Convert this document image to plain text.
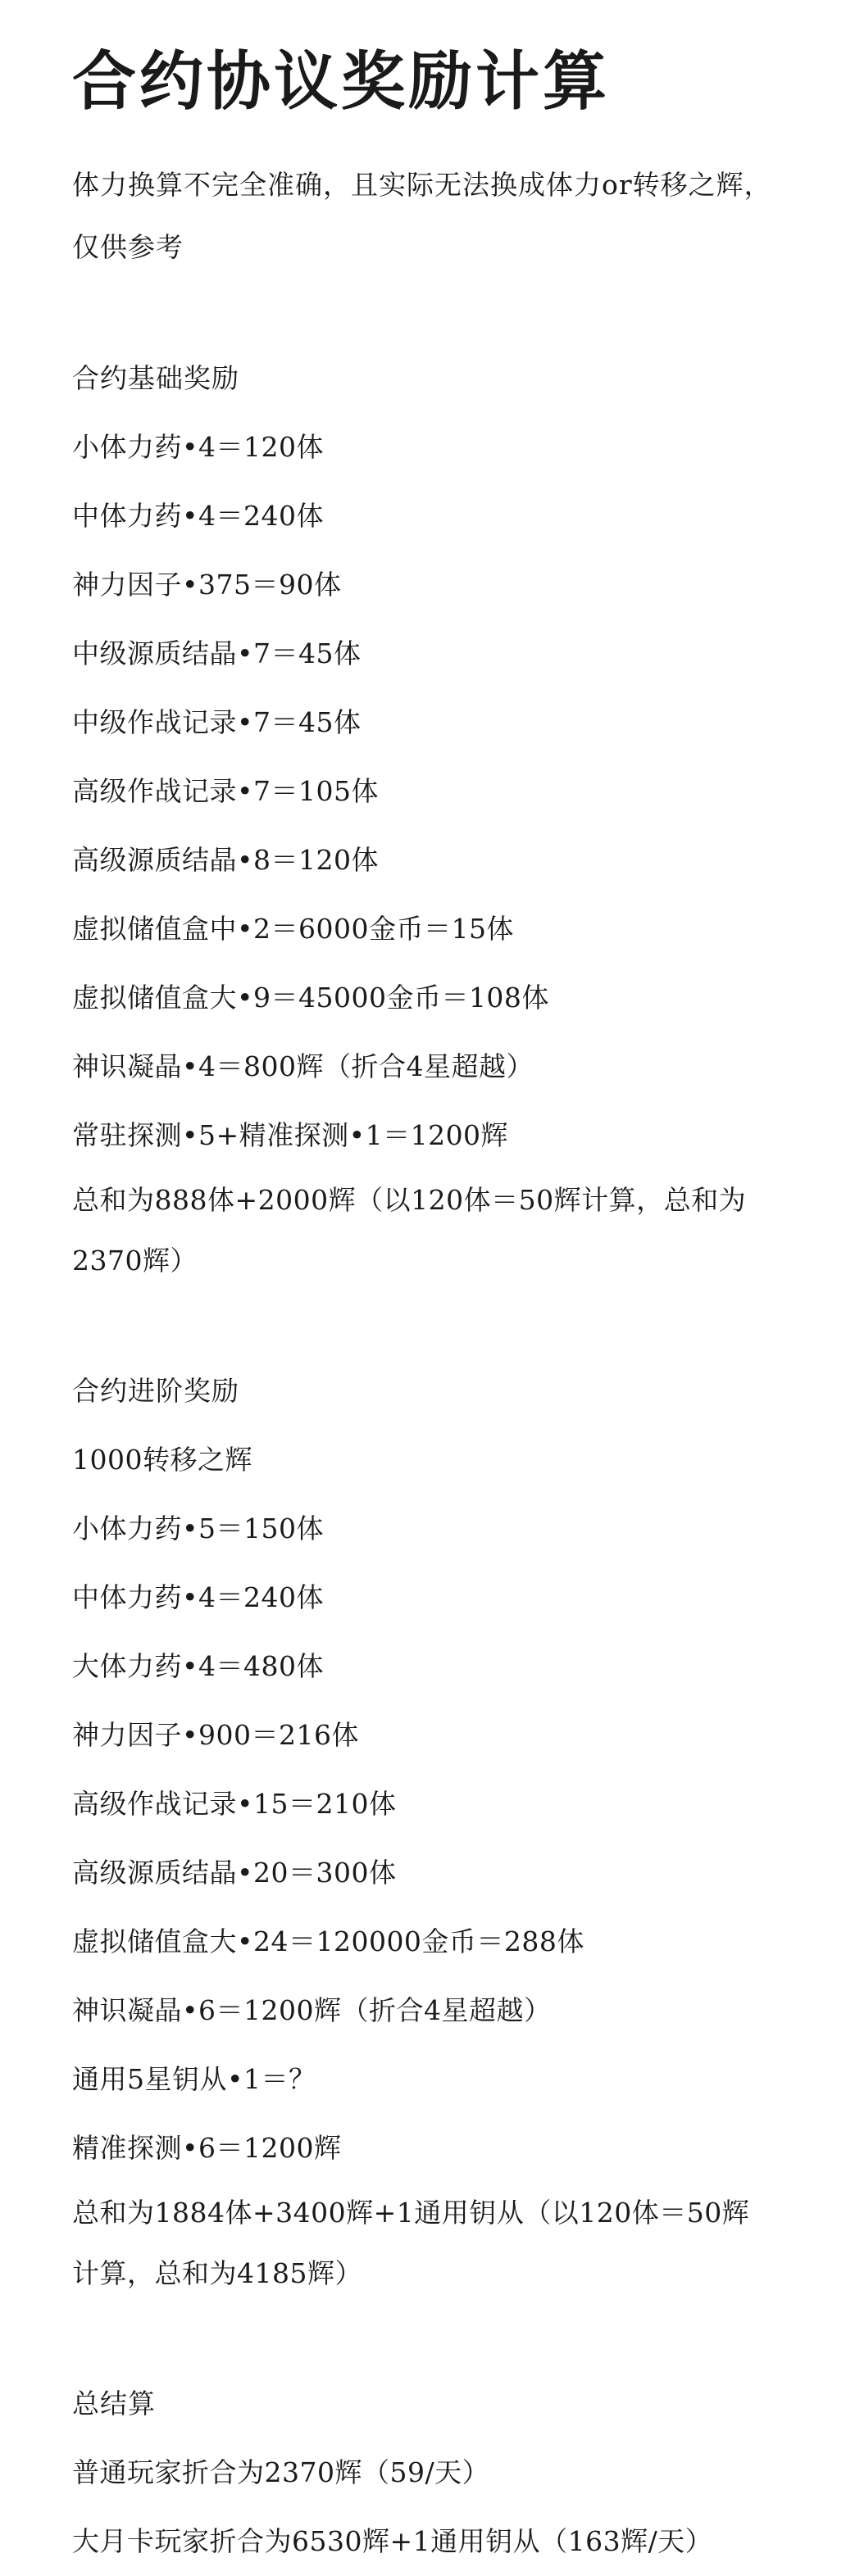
合约协议奖励计算

体力换算不完全准确，且实际无法换成体力or转移之辉，仅供参考

合约基础奖励

小体力药•4＝120体

中体力药•4＝240体

神力因子•375＝90体

中级源质结晶•7＝45体

中级作战记录•7＝45体

高级作战记录•7＝105体

高级源质结晶•8＝120体

虚拟储值盒中•2＝6000金币＝15体

虚拟储值盒大•9＝45000金币＝108体

神识凝晶•4＝800辉（折合4星超越）

常驻探测•5+精准探测•1＝1200辉

总和为888体+2000辉（以120体＝50辉计算，总和为2370辉）

合约进阶奖励

1000转移之辉

小体力药•5＝150体

中体力药•4＝240体

大体力药•4＝480体

神力因子•900＝216体

高级作战记录•15＝210体

高级源质结晶•20＝300体

虚拟储值盒大•24＝120000金币＝288体

神识凝晶•6＝1200辉（折合4星超越）

通用5星钥从•1＝？

精准探测•6＝1200辉

总和为1884体+3400辉+1通用钥从（以120体＝50辉计算，总和为4185辉）

总结算

普通玩家折合为2370辉（59/天）

大月卡玩家折合为6530辉+1通用钥从（163辉/天）
